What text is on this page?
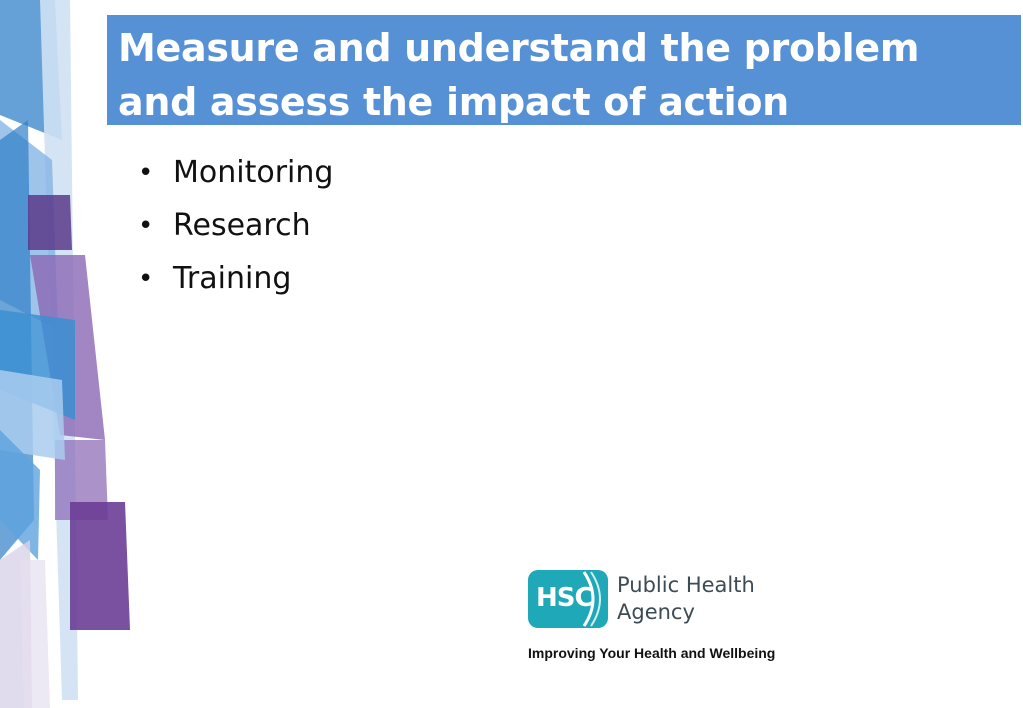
Measure and understand the problem and assess the impact of action
• Monitoring
• Research
• Training
HSC Public Health
Agency
Improving Your Health and Wellbeing
